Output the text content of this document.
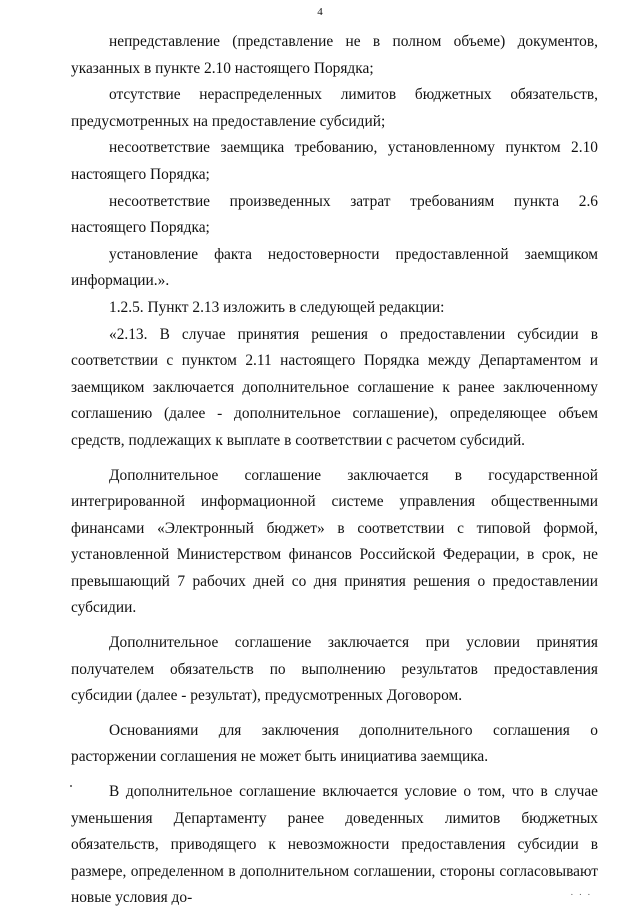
4

непредставление (представление не в полном объеме) документов, указанных в пункте 2.10 настоящего Порядка;

отсутствие нераспределенных лимитов бюджетных обязательств, предусмотренных на предоставление субсидий;

несоответствие заемщика требованию, установленному пунктом 2.10 настоящего Порядка;

несоответствие произведенных затрат требованиям пункта 2.6 настоящего Порядка;

установление факта недостоверности предоставленной заемщиком информации.».

1.2.5. Пункт 2.13 изложить в следующей редакции:

«2.13. В случае принятия решения о предоставлении субсидии в соответствии с пунктом 2.11 настоящего Порядка между Департаментом и заемщиком заключается дополнительное соглашение к ранее заключенному соглашению (далее - дополнительное соглашение), определяющее объем средств, подлежащих к выплате в соответствии с расчетом субсидий.

Дополнительное соглашение заключается в государственной интегрированной информационной системе управления общественными финансами «Электронный бюджет» в соответствии с типовой формой, установленной Министерством финансов Российской Федерации, в срок, не превышающий 7 рабочих дней со дня принятия решения о предоставлении субсидии.

Дополнительное соглашение заключается при условии принятия получателем обязательств по выполнению результатов предоставления субсидии (далее - результат), предусмотренных Договором.

Основаниями для заключения дополнительного соглашения о расторжении соглашения не может быть инициатива заемщика.

В дополнительное соглашение включается условие о том, что в случае уменьшения Департаменту ранее доведенных лимитов бюджетных обязательств, приводящего к невозможности предоставления субсидии в размере, определенном в дополнительном соглашении, стороны согласовывают новые условия до-	. . .
